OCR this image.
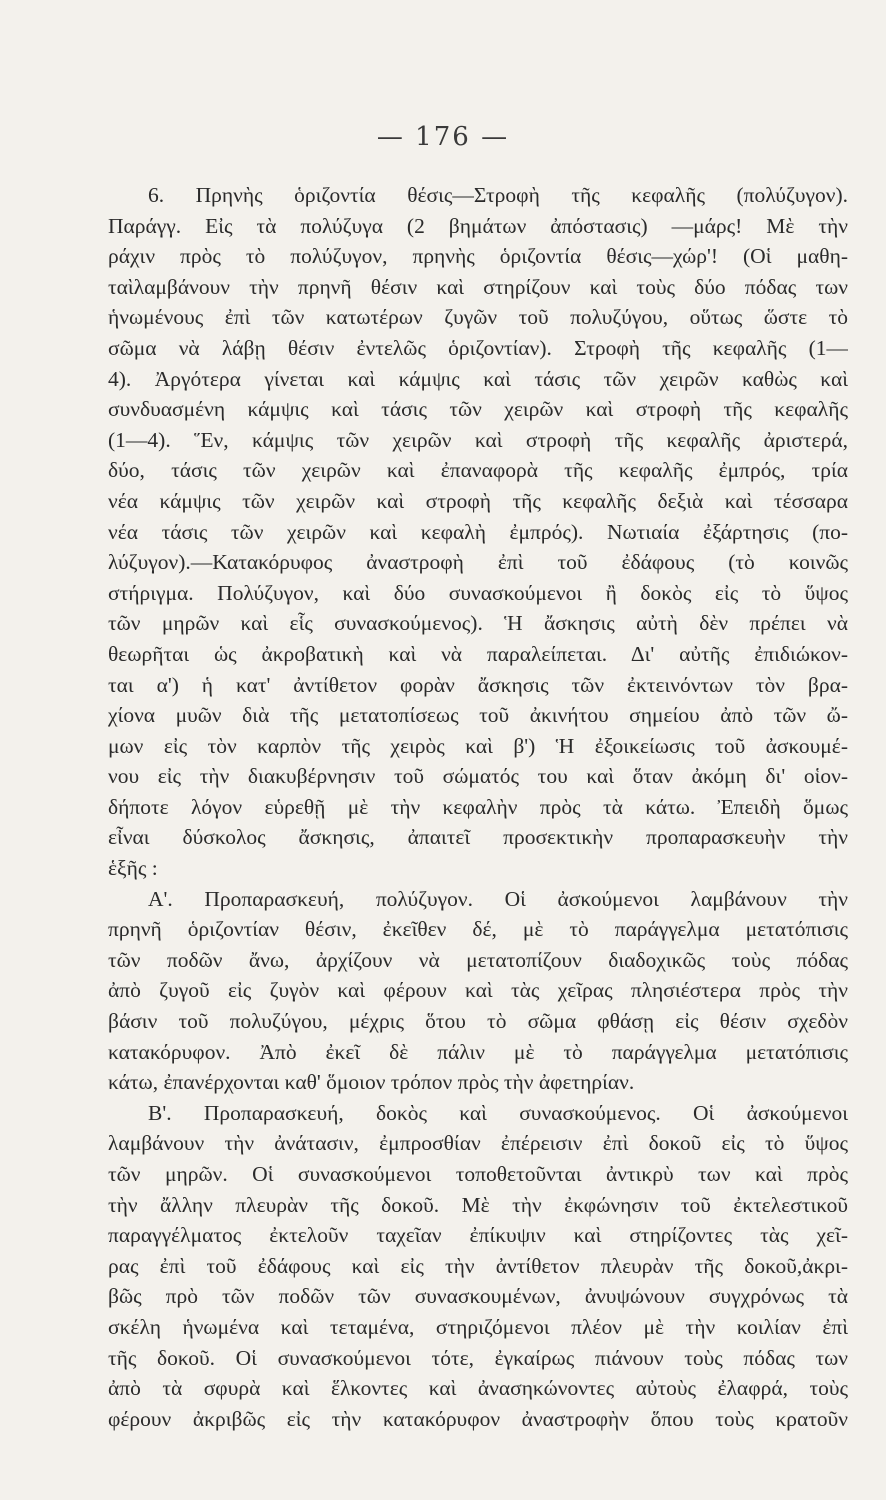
— 176 —
6. Πρηνὴς ὁριζοντία θέσις—Στροφὴ τῆς κεφαλῆς (πολύζυγον).
Παράγγ. Εἰς τὰ πολύζυγα (2 βημάτων ἀπόστασις) —μάρς! Μὲ τὴν
ράχιν πρὸς τὸ πολύζυγον, πρηνὴς ὁριζοντία θέσις—χώρ'! (Οἱ μαθη-
ταὶλαμβάνουν τὴν πρηνῆ θέσιν καὶ στηρίζουν καὶ τοὺς δύο πόδας των
ἡνωμένους ἐπὶ τῶν κατωτέρων ζυγῶν τοῦ πολυζύγου, οὕτως ὥστε τὸ
σῶμα νὰ λάβῃ θέσιν ἐντελῶς ὁριζοντίαν). Στροφὴ τῆς κεφαλῆς (1—
4). Ἀργότερα γίνεται καὶ κάμψις καὶ τάσις τῶν χειρῶν καθὼς καὶ
συνδυασμένη κάμψις καὶ τάσις τῶν χειρῶν καὶ στροφὴ τῆς κεφαλῆς
(1—4). Ἕν, κάμψις τῶν χειρῶν καὶ στροφὴ τῆς κεφαλῆς ἀριστερά,
δύο, τάσις τῶν χειρῶν καὶ ἐπαναφορὰ τῆς κεφαλῆς ἐμπρός, τρία
νέα κάμψις τῶν χειρῶν καὶ στροφὴ τῆς κεφαλῆς δεξιὰ καὶ τέσσαρα
νέα τάσις τῶν χειρῶν καὶ κεφαλὴ ἐμπρός). Νωτιαία ἐξάρτησις (πο-
λύζυγον).—Κατακόρυφος ἀναστροφὴ ἐπὶ τοῦ ἐδάφους (τὸ κοινῶς
στήριγμα. Πολύζυγον, καὶ δύο συνασκούμενοι ἢ δοκὸς εἰς τὸ ὕψος
τῶν μηρῶν καὶ εἷς συνασκούμενος). Ἡ ἄσκησις αὐτὴ δὲν πρέπει νὰ
θεωρῆται ὡς ἀκροβατικὴ καὶ νὰ παραλείπεται. Δι' αὐτῆς ἐπιδιώκον-
ται α') ἡ κατ' ἀντίθετον φορὰν ἄσκησις τῶν ἐκτεινόντων τὸν βρα-
χίονα μυῶν διὰ τῆς μετατοπίσεως τοῦ ἀκινήτου σημείου ἀπὸ τῶν ὤ-
μων εἰς τὸν καρπὸν τῆς χειρὸς καὶ β') Ἡ ἐξοικείωσις τοῦ ἀσκουμέ-
νου εἰς τὴν διακυβέρνησιν τοῦ σώματός του καὶ ὅταν ἀκόμη δι' οἱον-
δήποτε λόγον εὑρεθῇ μὲ τὴν κεφαλὴν πρὸς τὰ κάτω. Ἐπειδὴ ὅμως
εἶναι δύσκολος ἄσκησις, ἀπαιτεῖ προσεκτικὴν προπαρασκευὴν τὴν
ἑξῆς :
Α'. Προπαρασκευή, πολύζυγον. Οἱ ἀσκούμενοι λαμβάνουν τὴν
πρηνῆ ὁριζοντίαν θέσιν, ἐκεῖθεν δέ, μὲ τὸ παράγγελμα μετατόπισις
τῶν ποδῶν ἄνω, ἀρχίζουν νὰ μετατοπίζουν διαδοχικῶς τοὺς πόδας
ἀπὸ ζυγοῦ εἰς ζυγὸν καὶ φέρουν καὶ τὰς χεῖρας πλησιέστερα πρὸς τὴν
βάσιν τοῦ πολυζύγου, μέχρις ὅτου τὸ σῶμα φθάσῃ εἰς θέσιν σχεδὸν
κατακόρυφον. Ἀπὸ ἐκεῖ δὲ πάλιν μὲ τὸ παράγγελμα μετατόπισις
κάτω, ἐπανέρχονται καθ' ὅμοιον τρόπον πρὸς τὴν ἀφετηρίαν.
Β'. Προπαρασκευή, δοκὸς καὶ συνασκούμενος. Οἱ ἀσκούμενοι
λαμβάνουν τὴν ἀνάτασιν, ἐμπροσθίαν ἐπέρεισιν ἐπὶ δοκοῦ εἰς τὸ ὕψος
τῶν μηρῶν. Οἱ συνασκούμενοι τοποθετοῦνται ἀντικρὺ των καὶ πρὸς
τὴν ἄλλην πλευρὰν τῆς δοκοῦ. Μὲ τὴν ἐκφώνησιν τοῦ ἐκτελεστικοῦ
παραγγέλματος ἐκτελοῦν ταχεῖαν ἐπίκυψιν καὶ στηρίζοντες τὰς χεῖ-
ρας ἐπὶ τοῦ ἐδάφους καὶ εἰς τὴν ἀντίθετον πλευρὰν τῆς δοκοῦ,ἀκρι-
βῶς πρὸ τῶν ποδῶν τῶν συνασκουμένων, ἀνυψώνουν συγχρόνως τὰ
σκέλη ἡνωμένα καὶ τεταμένα, στηριζόμενοι πλέον μὲ τὴν κοιλίαν ἐπὶ
τῆς δοκοῦ. Οἱ συνασκούμενοι τότε, ἐγκαίρως πιάνουν τοὺς πόδας των
ἀπὸ τὰ σφυρὰ καὶ ἕλκοντες καὶ ἀνασηκώνοντες αὐτοὺς ἐλαφρά, τοὺς
φέρουν ἀκριβῶς εἰς τὴν κατακόρυφον ἀναστροφὴν ὅπου τοὺς κρατοῦν
